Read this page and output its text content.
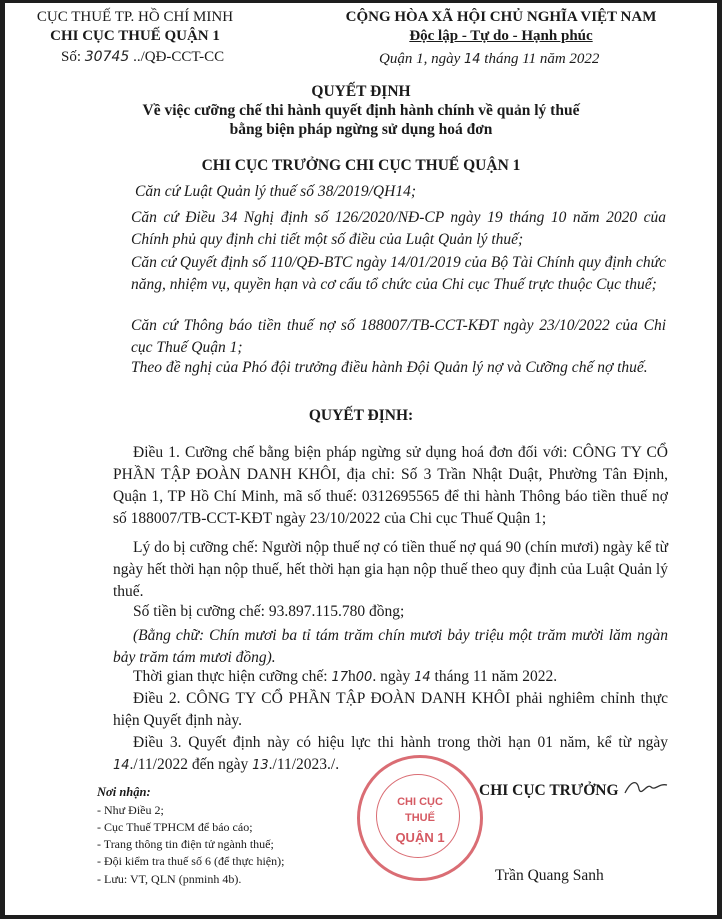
CỤC THUẾ TP. HỒ CHÍ MINH
CHI CỤC THUẾ QUẬN 1
Số: 30745 ../QĐ-CCT-CC
CỘNG HÒA XÃ HỘI CHỦ NGHĨA VIỆT NAM
Độc lập - Tự do - Hạnh phúc
Quận 1, ngày 14 tháng 11 năm 2022
QUYẾT ĐỊNH
Về việc cưỡng chế thi hành quyết định hành chính về quản lý thuế
bằng biện pháp ngừng sử dụng hoá đơn
CHI CỤC TRƯỞNG CHI CỤC THUẾ QUẬN 1
Căn cứ Luật Quản lý thuế số 38/2019/QH14;
Căn cứ Điều 34 Nghị định số 126/2020/NĐ-CP ngày 19 tháng 10 năm 2020 của Chính phủ quy định chi tiết một số điều của Luật Quản lý thuế;
Căn cứ Quyết định số 110/QĐ-BTC ngày 14/01/2019 của Bộ Tài Chính quy định chức năng, nhiệm vụ, quyền hạn và cơ cấu tổ chức của Chi cục Thuế trực thuộc Cục thuế;
Căn cứ Thông báo tiền thuế nợ số 188007/TB-CCT-KĐT ngày 23/10/2022 của Chi cục Thuế Quận 1;
Theo đề nghị của Phó đội trưởng điều hành Đội Quản lý nợ và Cưỡng chế nợ thuế.
QUYẾT ĐỊNH:
Điều 1. Cưỡng chế bằng biện pháp ngừng sử dụng hoá đơn đối với: CÔNG TY CỔ PHẦN TẬP ĐOÀN DANH KHÔI, địa chỉ: Số 3 Trần Nhật Duật, Phường Tân Định, Quận 1, TP Hồ Chí Minh, mã số thuế: 0312695565 để thi hành Thông báo tiền thuế nợ số 188007/TB-CCT-KĐT ngày 23/10/2022 của Chi cục Thuế Quận 1;
Lý do bị cưỡng chế: Người nộp thuế nợ có tiền thuế nợ quá 90 (chín mươi) ngày kể từ ngày hết thời hạn nộp thuế, hết thời hạn gia hạn nộp thuế theo quy định của Luật Quản lý thuế.
Số tiền bị cưỡng chế: 93.897.115.780 đồng;
(Bằng chữ: Chín mươi ba tỉ tám trăm chín mươi bảy triệu một trăm mười lăm ngàn bảy trăm tám mươi đồng).
Thời gian thực hiện cưỡng chế: 17h00. ngày 14 tháng 11 năm 2022.
Điều 2. CÔNG TY CỔ PHẦN TẬP ĐOÀN DANH KHÔI phải nghiêm chỉnh thực hiện Quyết định này.
Điều 3. Quyết định này có hiệu lực thi hành trong thời hạn 01 năm, kể từ ngày 14./11/2022 đến ngày 13./11/2023./.
Nơi nhận:
- Như Điều 2;
- Cục Thuế TPHCM để báo cáo;
- Trang thông tin điện tử ngành thuế;
- Đội kiểm tra thuế số 6 (để thực hiện);
- Lưu: VT, QLN (pnminh 4b).
CHI CỤC
THUẾ
QUẬN 1
CHI CỤC TRƯỞNG
Trần Quang Sanh
